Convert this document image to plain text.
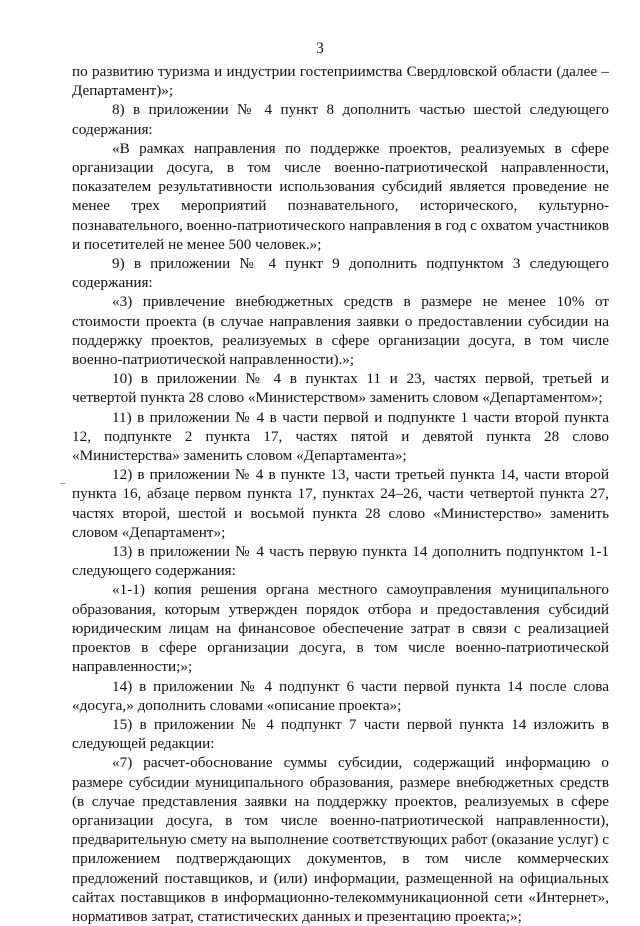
3

по развитию туризма и индустрии гостеприимства Свердловской области (далее – Департамент)»;

8) в приложении № 4 пункт 8 дополнить частью шестой следующего содержания:

«В рамках направления по поддержке проектов, реализуемых в сфере организации досуга, в том числе военно-патриотической направленности, показателем результативности использования субсидий является проведение не менее трех мероприятий познавательного, исторического, культурно-познавательного, военно-патриотического направления в год с охватом участников и посетителей не менее 500 человек.»;

9) в приложении № 4 пункт 9 дополнить подпунктом 3 следующего содержания:

«3) привлечение внебюджетных средств в размере не менее 10% от стоимости проекта (в случае направления заявки о предоставлении субсидии на поддержку проектов, реализуемых в сфере организации досуга, в том числе военно-патриотической направленности).»;

10) в приложении № 4 в пунктах 11 и 23, частях первой, третьей и четвертой пункта 28 слово «Министерством» заменить словом «Департаментом»;

11) в приложении № 4 в части первой и подпункте 1 части второй пункта 12, подпункте 2 пункта 17, частях пятой и девятой пункта 28 слово «Министерства» заменить словом «Департамента»;

12) в приложении № 4 в пункте 13, части третьей пункта 14, части второй пункта 16, абзаце первом пункта 17, пунктах 24–26, части четвертой пункта 27, частях второй, шестой и восьмой пункта 28 слово «Министерство» заменить словом «Департамент»;

13) в приложении № 4 часть первую пункта 14 дополнить подпунктом 1-1 следующего содержания:

«1-1) копия решения органа местного самоуправления муниципального образования, которым утвержден порядок отбора и предоставления субсидий юридическим лицам на финансовое обеспечение затрат в связи с реализацией проектов в сфере организации досуга, в том числе военно-патриотической направленности;»;

14) в приложении № 4 подпункт 6 части первой пункта 14 после слова «досуга,» дополнить словами «описание проекта»;

15) в приложении № 4 подпункт 7 части первой пункта 14 изложить в следующей редакции:

«7) расчет-обоснование суммы субсидии, содержащий информацию о размере субсидии муниципального образования, размере внебюджетных средств (в случае представления заявки на поддержку проектов, реализуемых в сфере организации досуга, в том числе военно-патриотической направленности), предварительную смету на выполнение соответствующих работ (оказание услуг) с приложением подтверждающих документов, в том числе коммерческих предложений поставщиков, и (или) информации, размещенной на официальных сайтах поставщиков в информационно-телекоммуникационной сети «Интернет», нормативов затрат, статистических данных и презентацию проекта;»;
